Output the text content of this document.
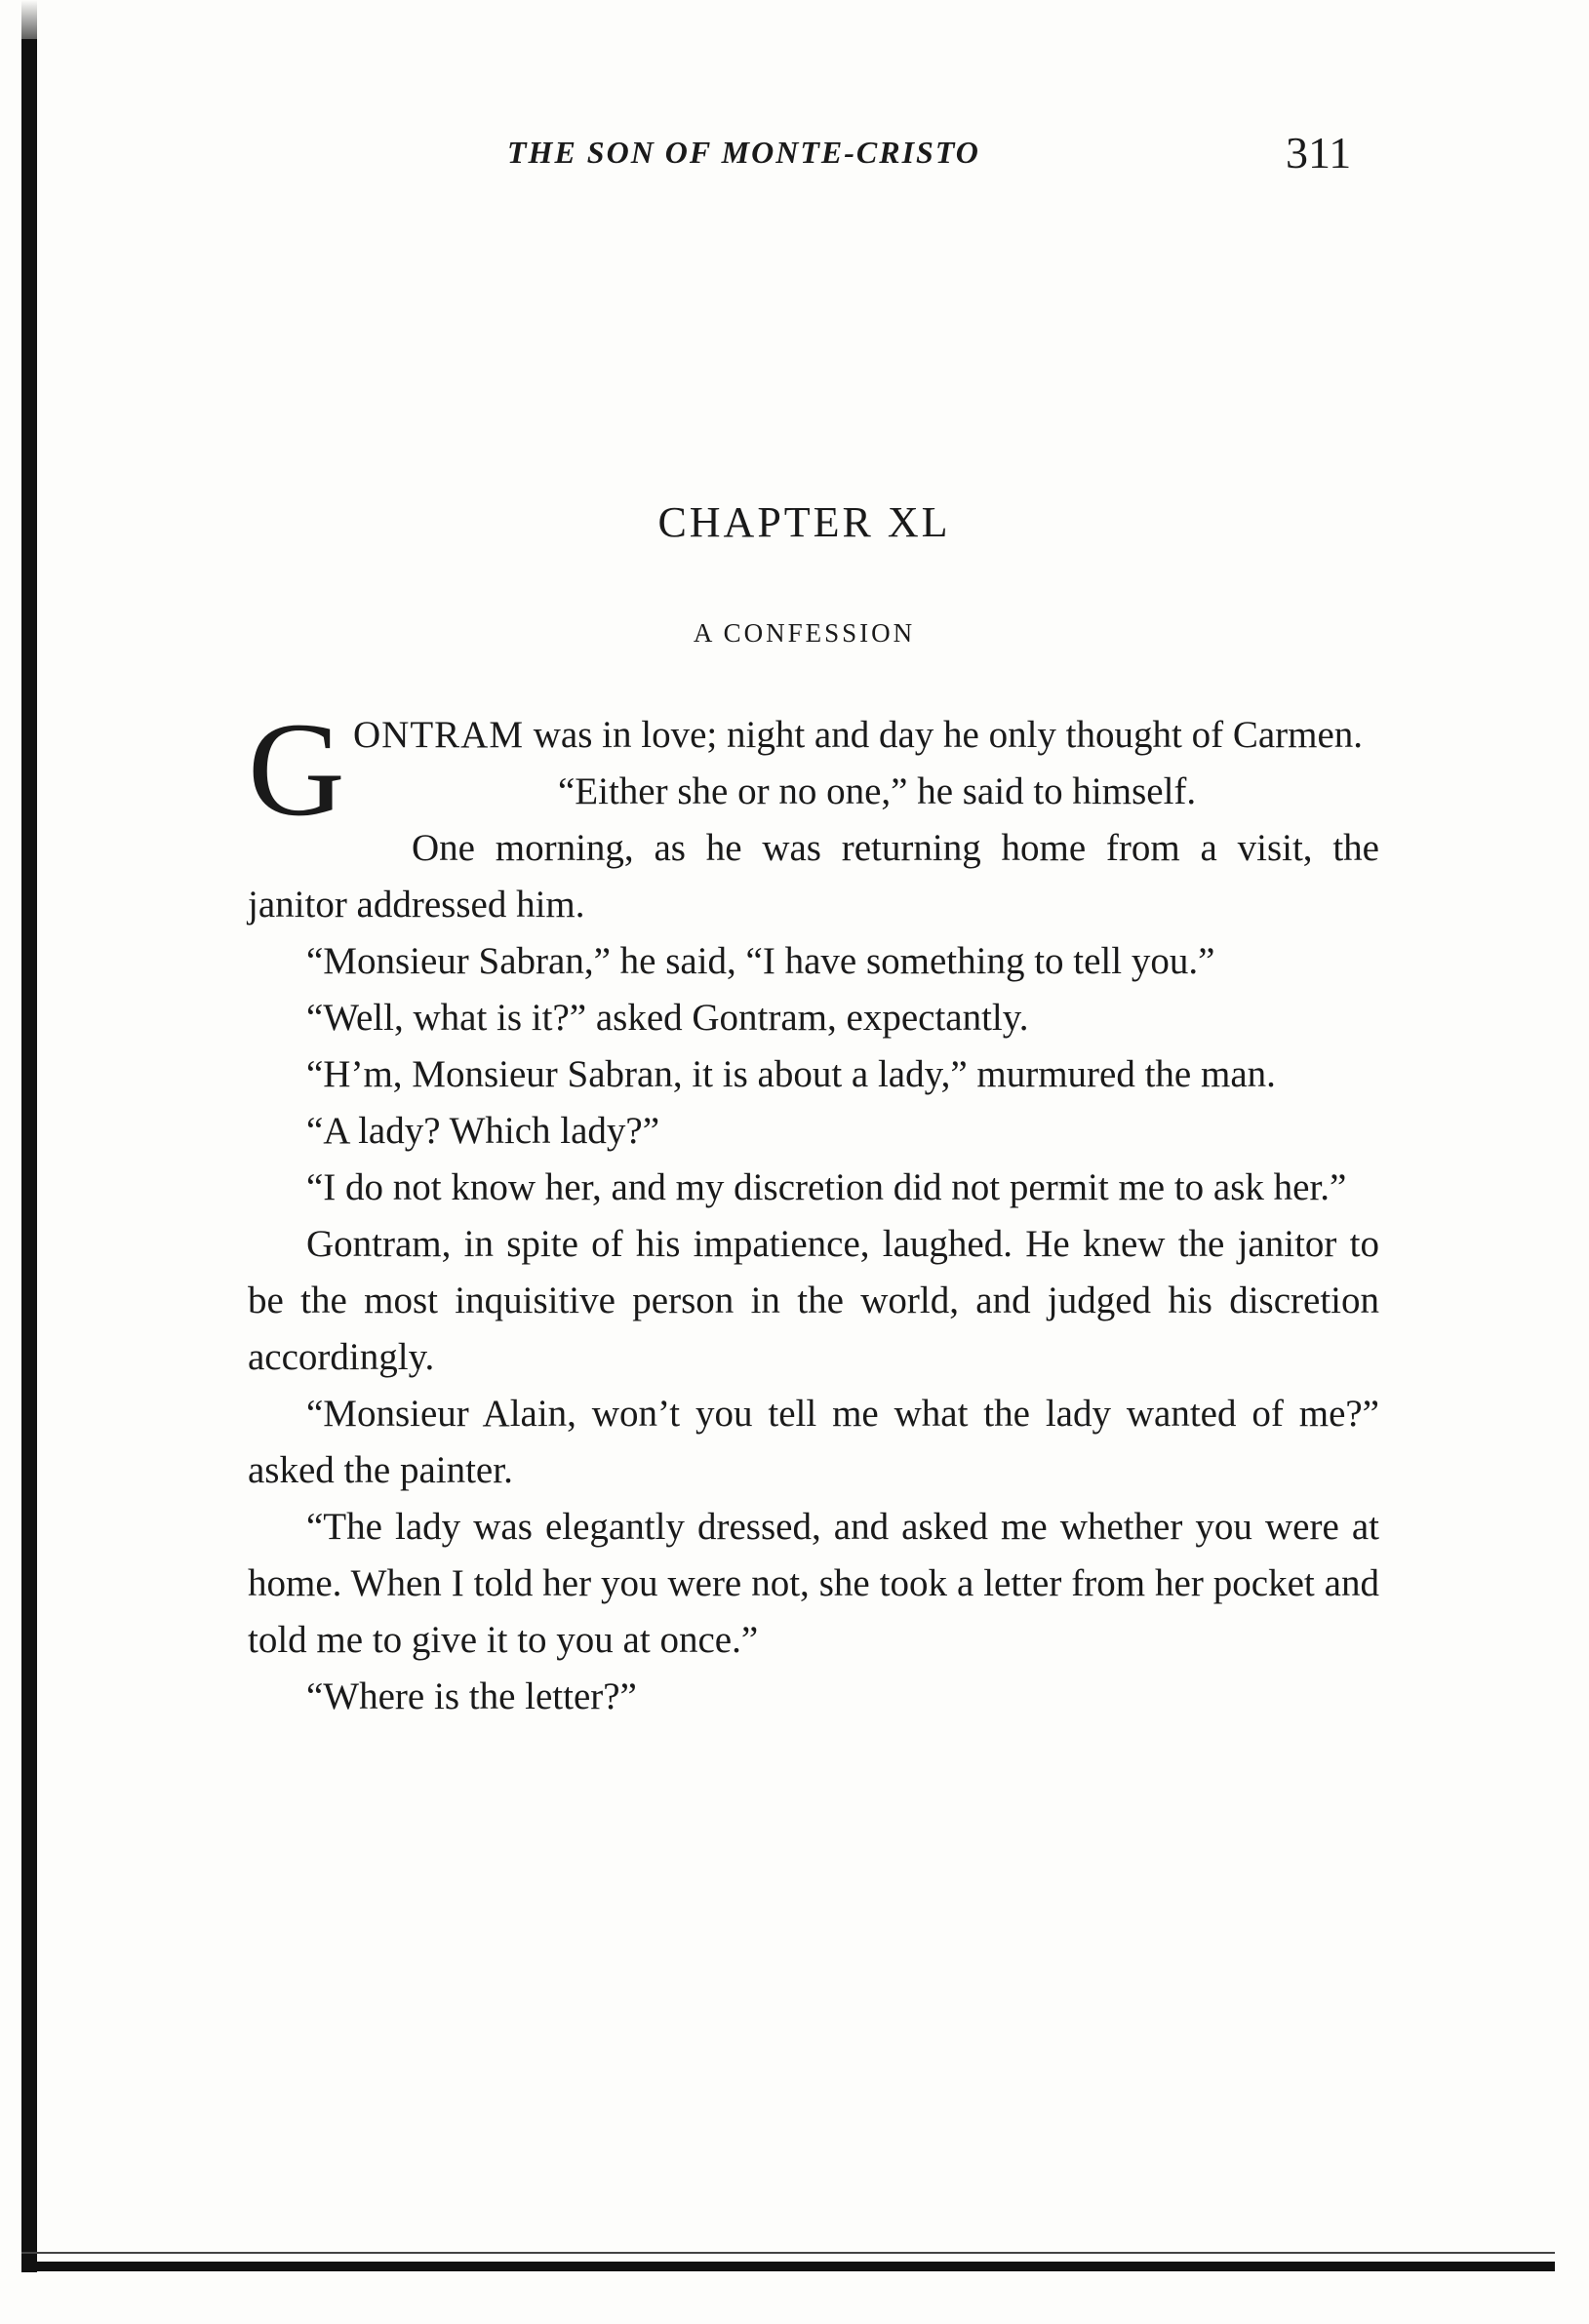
THE SON OF MONTE-CRISTO	311
CHAPTER XL
A CONFESSION

GONTRAM was in love; night and day he only thought of Carmen.

“Either she or no one,” he said to himself.

One morning, as he was returning home from a visit, the janitor addressed him.

“Monsieur Sabran,” he said, “I have something to tell you.”

“Well, what is it?” asked Gontram, expectantly.

“H’m, Monsieur Sabran, it is about a lady,” murmured the man.

“A lady? Which lady?”

“I do not know her, and my discretion did not permit me to ask her.”

Gontram, in spite of his impatience, laughed. He knew the janitor to be the most inquisitive person in the world, and judged his discretion accordingly.

“Monsieur Alain, won’t you tell me what the lady wanted of me?” asked the painter.

“The lady was elegantly dressed, and asked me whether you were at home. When I told her you were not, she took a letter from her pocket and told me to give it to you at once.”

“Where is the letter?”
